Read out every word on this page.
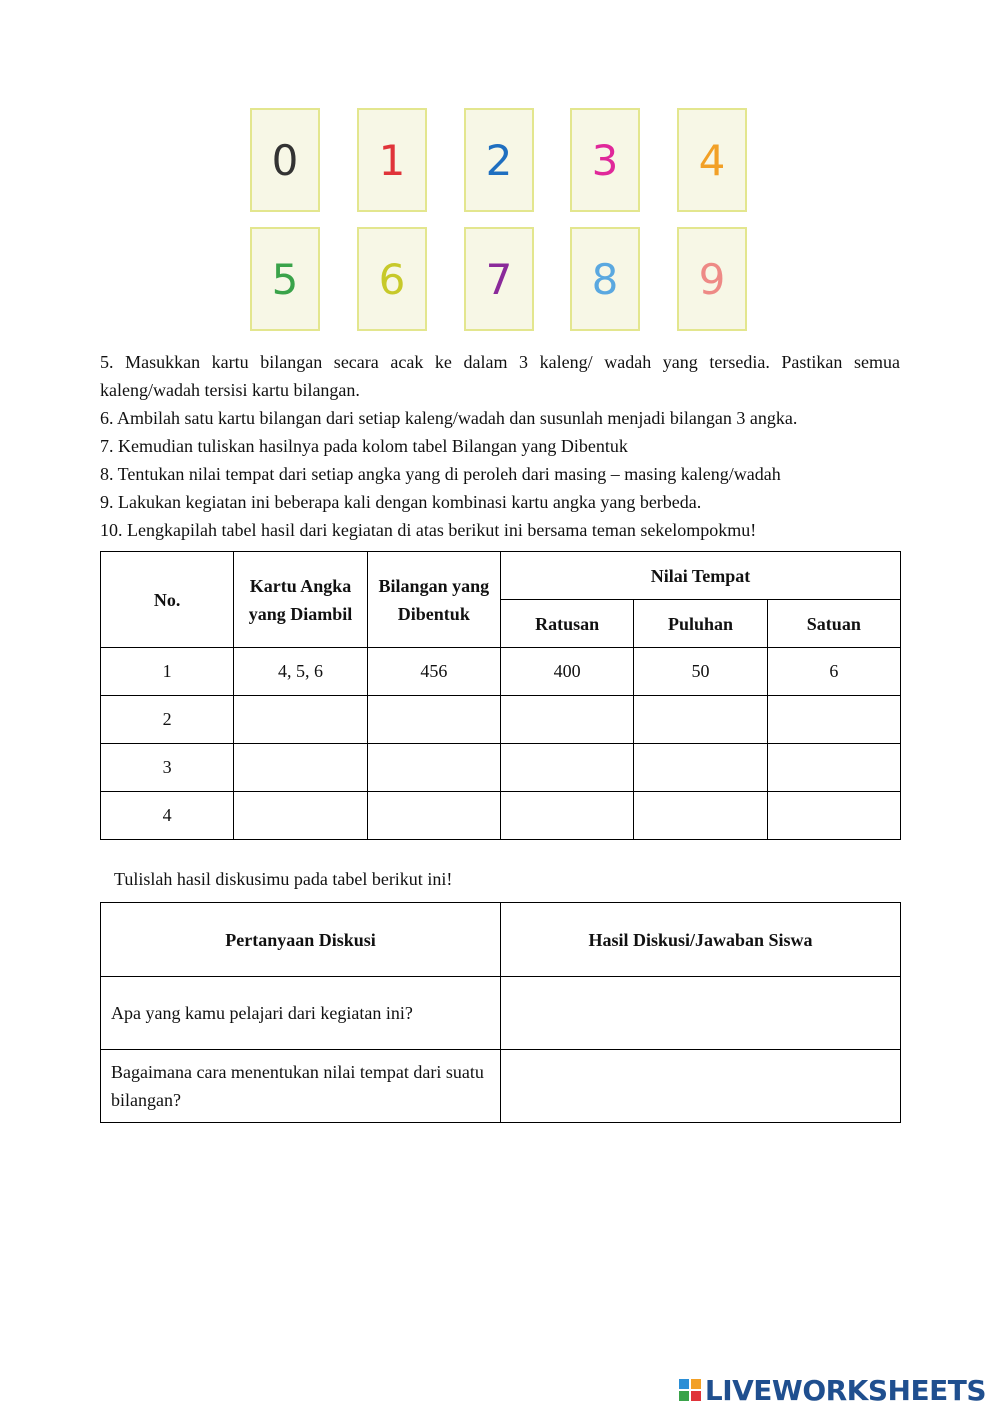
0 1 2 3 4
5 6 7 8 9

5. Masukkan kartu bilangan secara acak ke dalam 3 kaleng/ wadah yang tersedia. Pastikan semua kaleng/wadah tersisi kartu bilangan.

6. Ambilah satu kartu bilangan dari setiap kaleng/wadah dan susunlah menjadi bilangan 3 angka.

7. Kemudian tuliskan hasilnya pada kolom tabel Bilangan yang Dibentuk

8. Tentukan nilai tempat dari setiap angka yang di peroleh dari masing – masing kaleng/wadah

9. Lakukan kegiatan ini beberapa kali dengan kombinasi kartu angka yang berbeda.

10. Lengkapilah tabel hasil dari kegiatan di atas berikut ini bersama teman sekelompokmu!

No.	Kartu Angka yang Diambil	Bilangan yang Dibentuk	Nilai Tempat		
			Ratusan	Puluhan	Satuan
1	4, 5, 6	456	400	50	6
2					
3					
4					
Tulislah hasil diskusimu pada tabel berikut ini!
Pertanyaan Diskusi	Hasil Diskusi/Jawaban Siswa
Apa yang kamu pelajari dari kegiatan ini?	
Bagaimana cara menentukan nilai tempat dari suatu bilangan?	
LIVEWORKSHEETS
